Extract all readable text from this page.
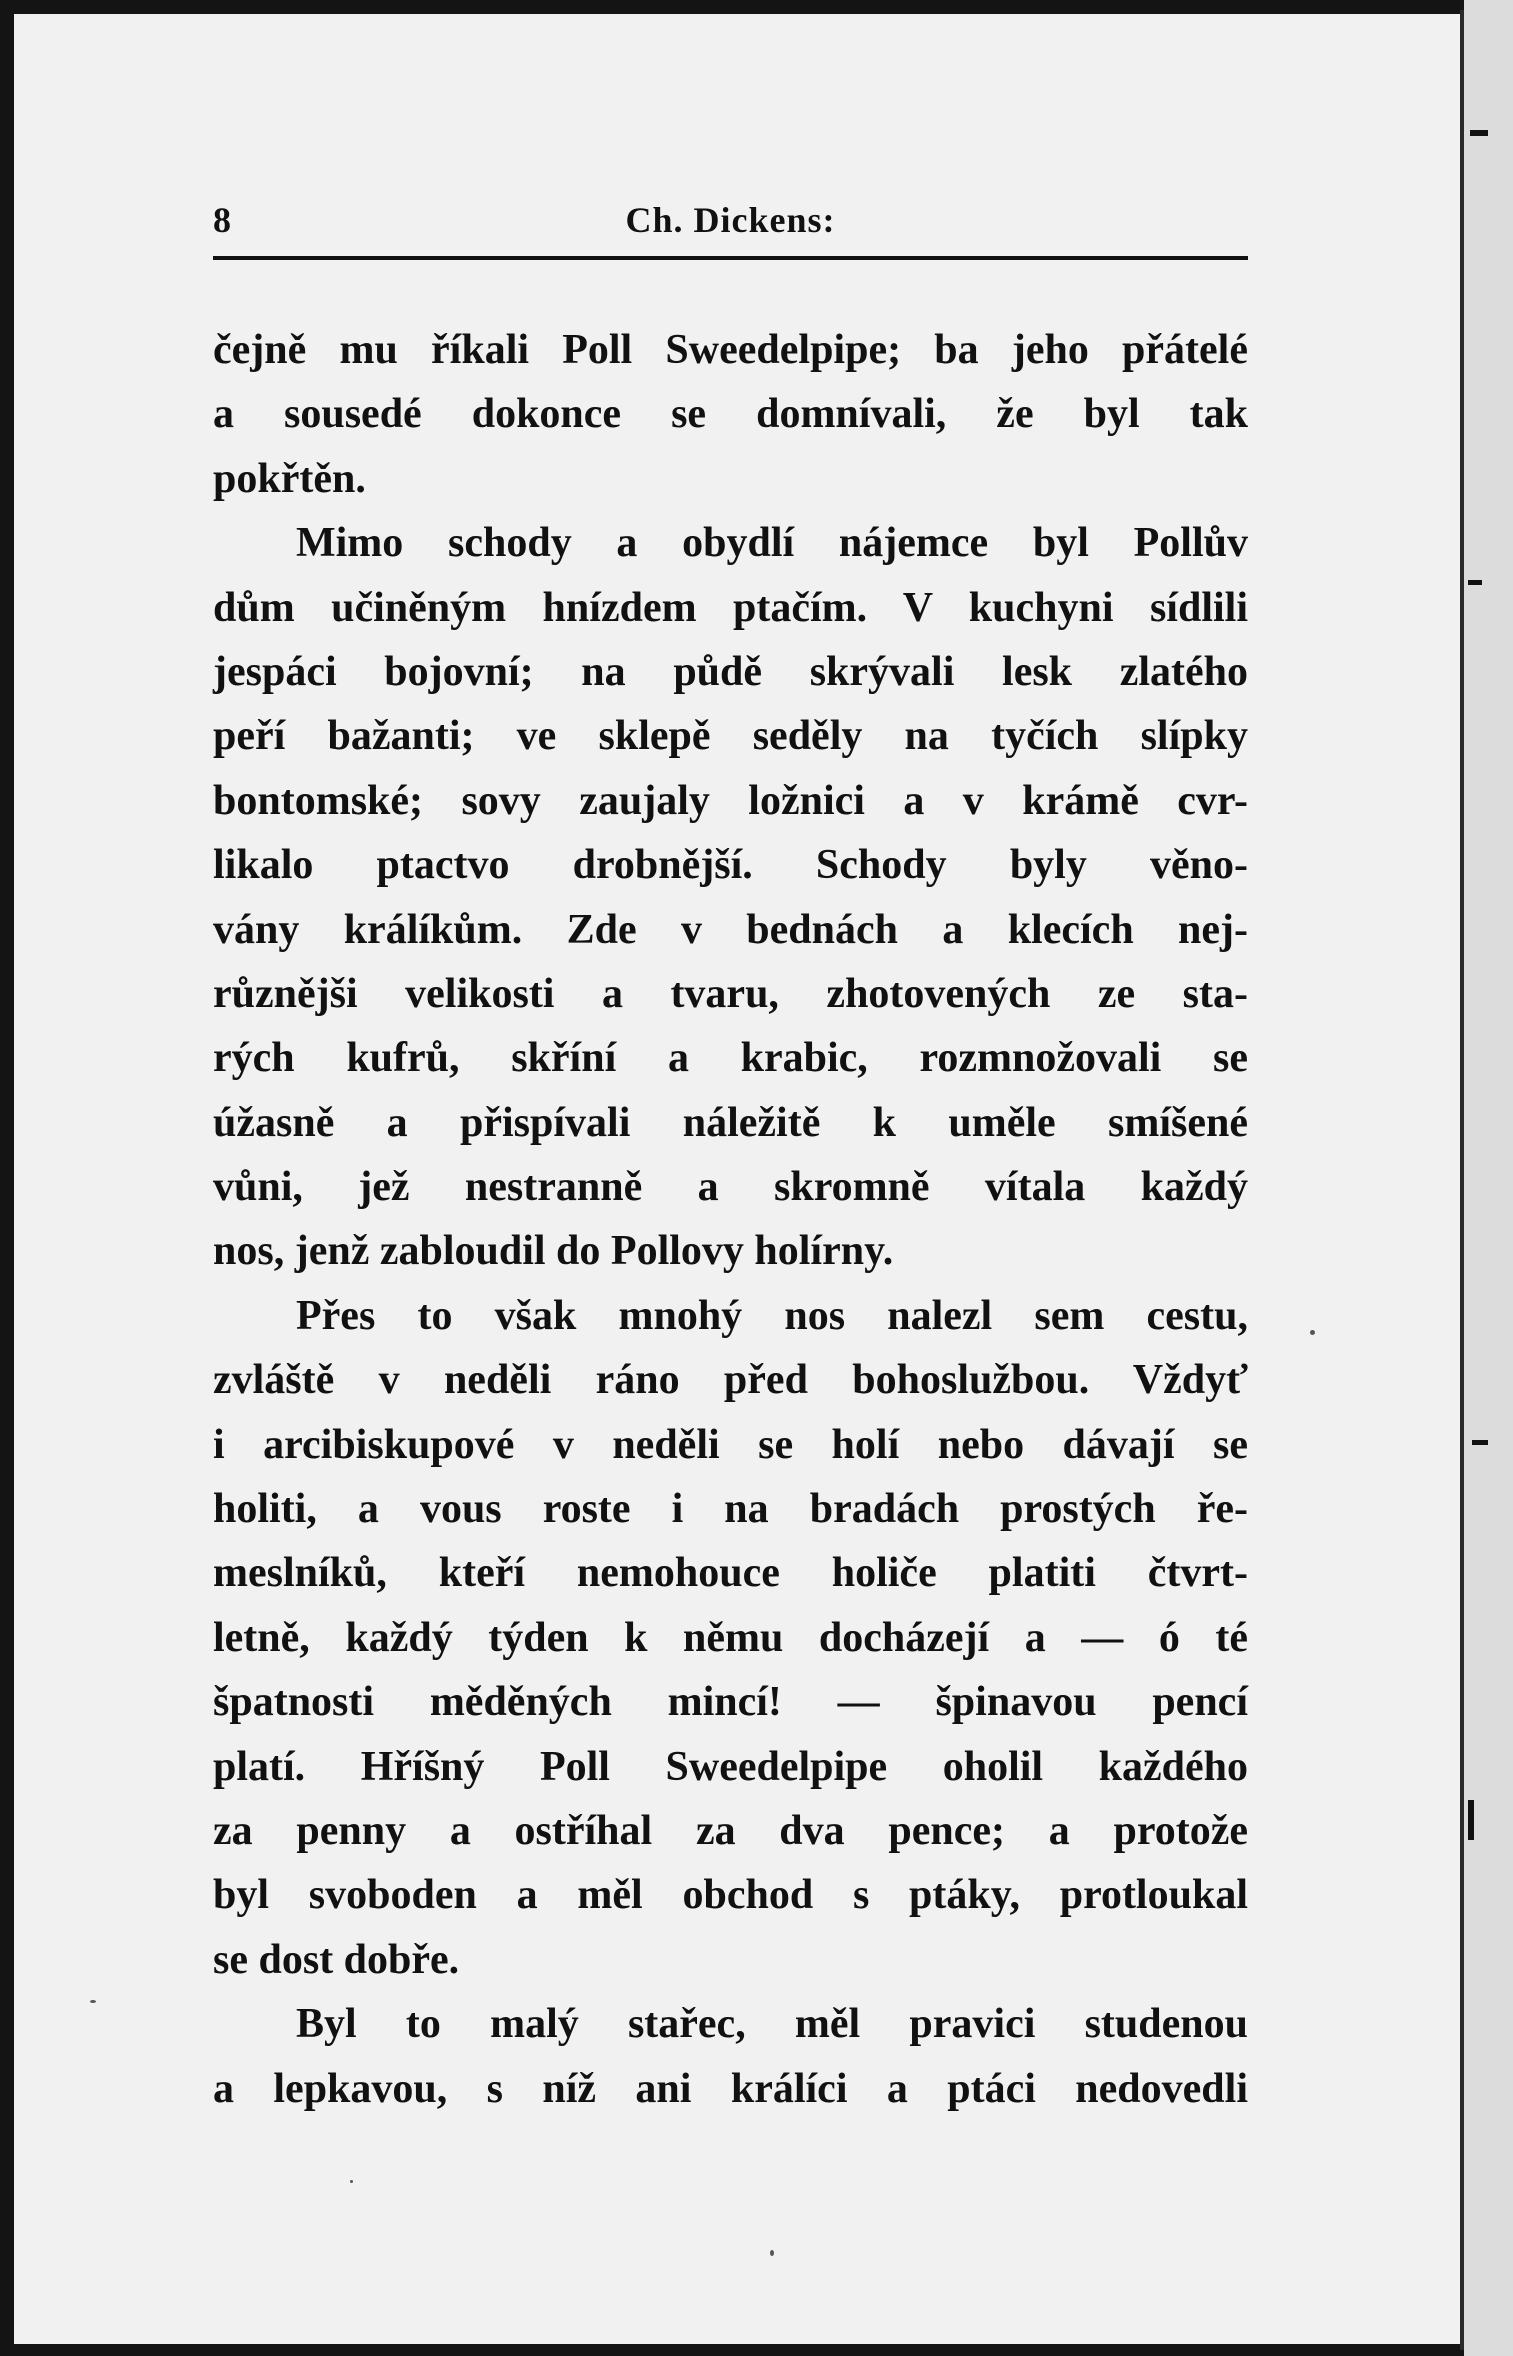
8	Ch. Dickens:
čejně mu říkali Poll Sweedelpipe; ba jeho přátelé
a sousedé dokonce se domnívali, že byl tak
pokřtěn.
Mimo schody a obydlí nájemce byl Pollův
dům učiněným hnízdem ptačím. V kuchyni sídlili
jespáci bojovní; na půdě skrývali lesk zlatého
peří bažanti; ve sklepě seděly na tyčích slípky
bontomské; sovy zaujaly ložnici a v krámě cvr-
likalo ptactvo drobnější. Schody byly věno-
vány králíkům. Zde v bednách a klecích nej-
různějši velikosti a tvaru, zhotovených ze sta-
rých kufrů, skříní a krabic, rozmnožovali se
úžasně a přispívali náležitě k uměle smíšené
vůni, jež nestranně a skromně vítala každý
nos, jenž zabloudil do Pollovy holírny.
Přes to však mnohý nos nalezl sem cestu,
zvláště v neděli ráno před bohoslužbou. Vždyť
i arcibiskupové v neděli se holí nebo dávají se
holiti, a vous roste i na bradách prostých ře-
meslníků, kteří nemohouce holiče platiti čtvrt-
letně, každý týden k němu docházejí a — ó té
špatnosti měděných mincí! — špinavou pencí
platí. Hříšný Poll Sweedelpipe oholil každého
za penny a ostříhal za dva pence; a protože
byl svoboden a měl obchod s ptáky, protloukal
se dost dobře.
Byl to malý stařec, měl pravici studenou
a lepkavou, s níž ani králíci a ptáci nedovedli
